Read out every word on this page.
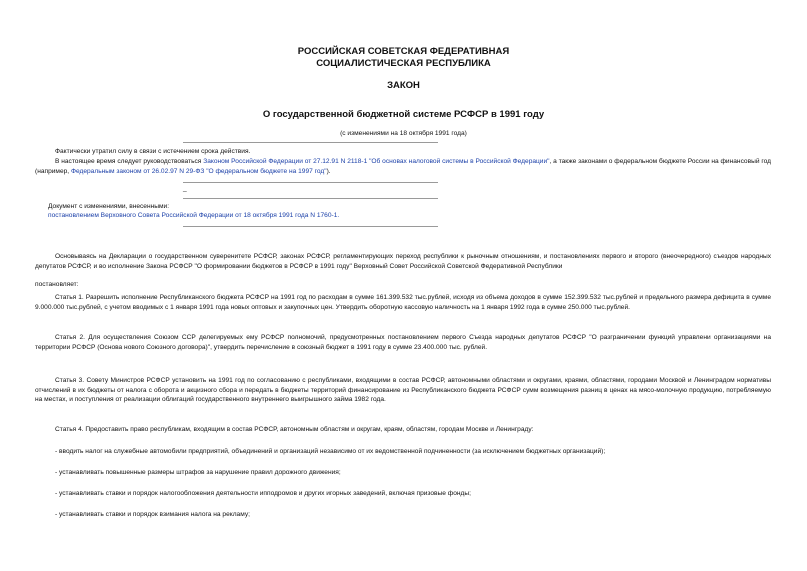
РОССИЙСКАЯ СОВЕТСКАЯ ФЕДЕРАТИВНАЯ
СОЦИАЛИСТИЧЕСКАЯ РЕСПУБЛИКА
ЗАКОН
О государственной бюджетной системе РСФСР в 1991 году
(с изменениями на 18 октября 1991 года)
Фактически утратил силу в связи с истечением срока действия.
В настоящее время следует руководствоваться Законом Российской Федерации от 27.12.91 N 2118-1 "Об основах налоговой системы в Российской Федерации", а также законами о федеральном бюджете России на финансовый год (например, Федеральным законом от 26.02.97 N 29-ФЗ "О федеральном бюджете на 1997 год").
_
Документ с изменениями, внесенными:
постановлением Верховного Совета Российской Федерации от 18 октября 1991 года N 1760-1.
Основываясь на Декларации о государственном суверенитете РСФСР, законах РСФСР, регламентирующих переход республики к рыночным отношениям, и постановлениях первого и второго (внеочередного) съездов народных депутатов РСФСР, и во исполнение Закона РСФСР "О формировании бюджетов в РСФСР в 1991 году" Верховный Совет Российской Советской Федеративной Республики
постановляет:
Статья 1. Разрешить исполнение Республиканского бюджета РСФСР на 1991 год по расходам в сумме 161.399.532 тыс.рублей, исходя из объема доходов в сумме 152.399.532 тыс.рублей и предельного размера дефицита в сумме 9.000.000 тыс.рублей, с учетом вводимых с 1 января 1991 года новых оптовых и закупочных цен. Утвердить оборотную кассовую наличность на 1 января 1992 года в сумме 250.000 тыс.рублей.
Статья 2. Для осуществления Союзом ССР делегируемых ему РСФСР полномочий, предусмотренных постановлением первого Съезда народных депутатов РСФСР "О разграничении функций управлени организациями на территории РСФСР (Основа нового Союзного договора)", утвердить перечисление в союзный бюджет в 1991 году в сумме 23.400.000 тыс. рублей.
Статья 3. Совету Министров РСФСР установить на 1991 год по согласованию с республиками, входящими в состав РСФСР, автономными областями и округами, краями, областями, городами Москвой и Ленинградом нормативы отчислений в их бюджеты от налога с оборота и акцизного сбора и передать в бюджеты территорий финансирование из Республиканского бюджета РСФСР сумм возмещения разниц в ценах на мясо-молочную продукцию, потребляемую на местах, и поступления от реализации облигаций государственного внутреннего выигрышного займа 1982 года.
Статья 4. Предоставить право республикам, входящим в состав РСФСР, автономным областям и округам, краям, областям, городам Москве и Ленинграду:
- вводить налог на служебные автомобили предприятий, объединений и организаций независимо от их ведомственной подчиненности (за исключением бюджетных организаций);
- устанавливать повышенные размеры штрафов за нарушение правил дорожного движения;
- устанавливать ставки и порядок налогообложения деятельности ипподромов и других игорных заведений, включая призовые фонды;
- устанавливать ставки и порядок взимания налога на рекламу;
